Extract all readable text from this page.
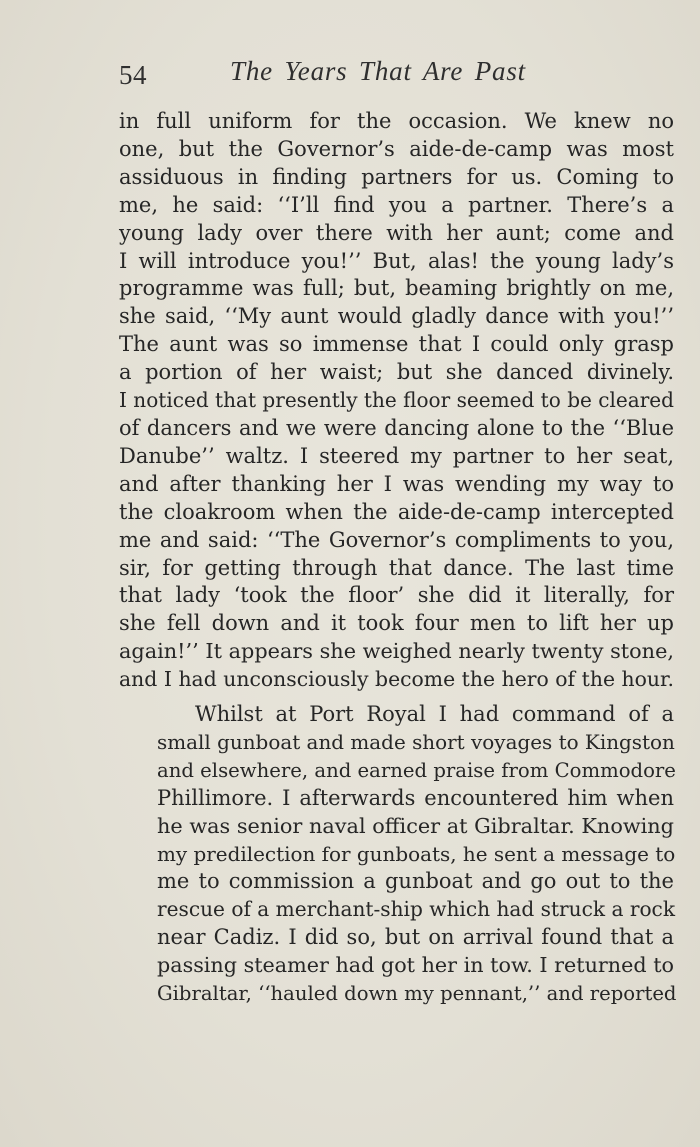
54	The Years That Are Past

in full uniform for the occasion. We knew no
one, but the Governor’s aide-de-camp was most
assiduous in finding partners for us. Coming to
me, he said: ‘‘I’ll find you a partner. There’s a
young lady over there with her aunt; come and
I will introduce you!’’ But, alas! the young lady’s
programme was full; but, beaming brightly on me,
she said, ‘‘My aunt would gladly dance with you!’’
The aunt was so immense that I could only grasp
a portion of her waist; but she danced divinely.
I noticed that presently the floor seemed to be cleared
of dancers and we were dancing alone to the ‘‘Blue
Danube’’ waltz. I steered my partner to her seat,
and after thanking her I was wending my way to
the cloakroom when the aide-de-camp intercepted
me and said: ‘‘The Governor’s compliments to you,
sir, for getting through that dance. The last time
that lady ‘took the floor’ she did it literally, for
she fell down and it took four men to lift her up
again!’’ It appears she weighed nearly twenty stone,
and I had unconsciously become the hero of the hour.

Whilst at Port Royal I had command of a
small gunboat and made short voyages to Kingston
and elsewhere, and earned praise from Commodore
Phillimore. I afterwards encountered him when
he was senior naval officer at Gibraltar. Knowing
my predilection for gunboats, he sent a message to
me to commission a gunboat and go out to the
rescue of a merchant-ship which had struck a rock
near Cadiz. I did so, but on arrival found that a
passing steamer had got her in tow. I returned to
Gibraltar, ‘‘hauled down my pennant,’’ and reported
